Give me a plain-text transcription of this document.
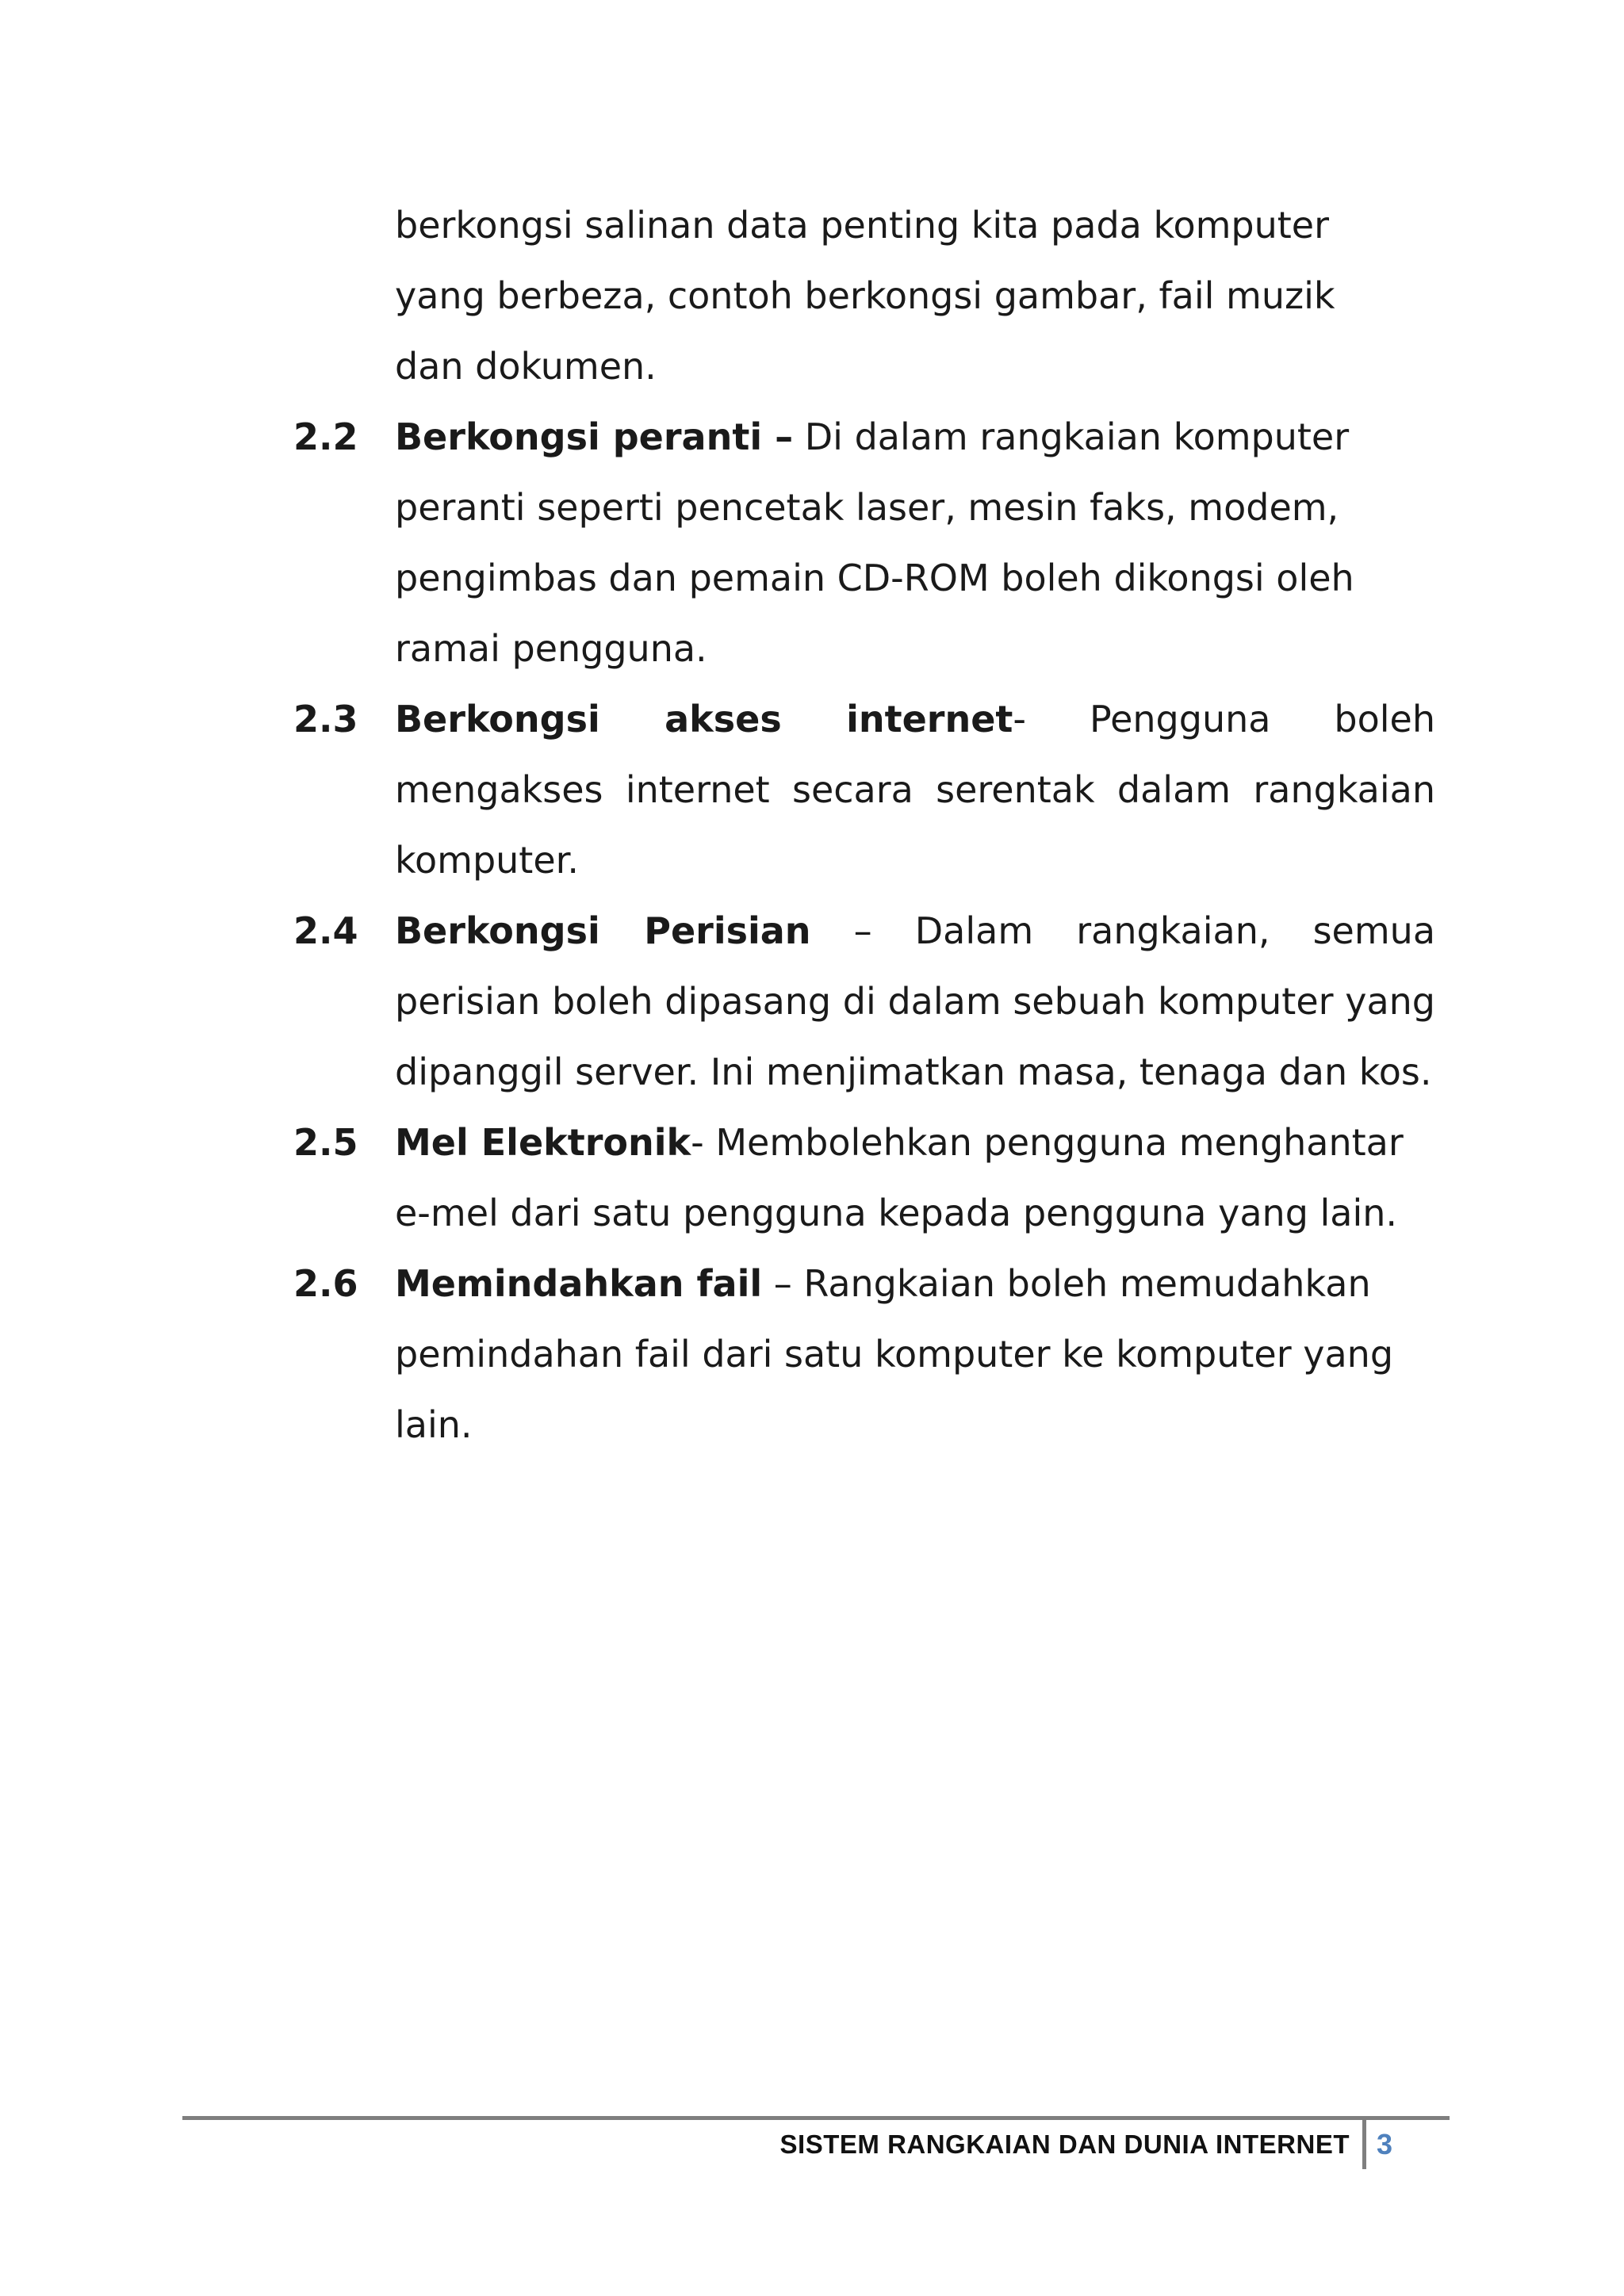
berkongsi salinan data penting kita pada komputer yang berbeza, contoh berkongsi gambar, fail muzik dan dokumen.
2.2	Berkongsi peranti – Di dalam rangkaian komputer peranti seperti pencetak laser, mesin faks, modem, pengimbas dan pemain CD-ROM boleh dikongsi oleh ramai pengguna.
2.3	Berkongsi akses internet- Pengguna boleh mengakses internet secara serentak dalam rangkaian komputer.
2.4	Berkongsi Perisian – Dalam rangkaian, semua perisian boleh dipasang di dalam sebuah komputer yang dipanggil server. Ini menjimatkan masa, tenaga dan kos.
2.5	Mel Elektronik- Membolehkan pengguna menghantar e-mel dari satu pengguna kepada pengguna yang lain.
2.6	Memindahkan fail – Rangkaian boleh memudahkan pemindahan fail dari satu komputer ke komputer yang lain.
SISTEM RANGKAIAN DAN DUNIA INTERNET 3
